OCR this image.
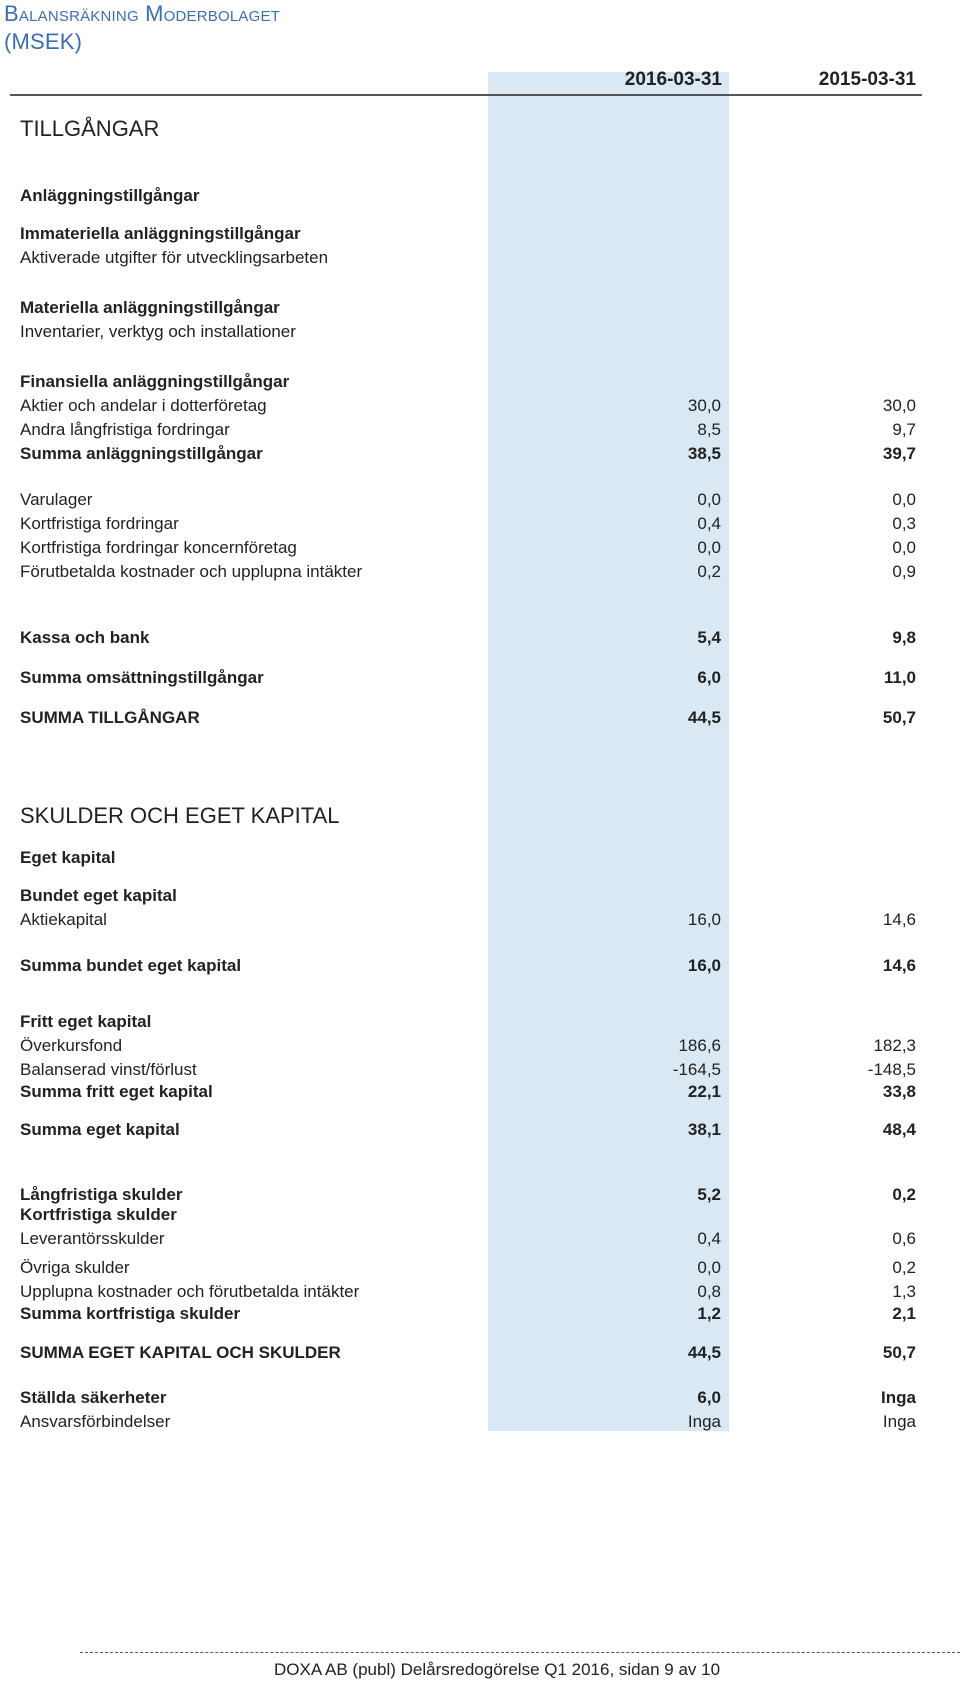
Balansräkning Moderbolaget
(MSEK)
2016-03-31	2015-03-31
TILLGÅNGAR
SKULDER OCH EGET KAPITAL
Anläggningstillgångar
Immateriella anläggningstillgångar
Aktiverade utgifter för utvecklingsarbeten
Materiella anläggningstillgångar
Inventarier, verktyg och installationer
Finansiella anläggningstillgångar
Aktier och andelar i dotterföretag	30,0	30,0
Andra långfristiga fordringar	8,5	9,7
Summa anläggningstillgångar	38,5	39,7
Varulager	0,0	0,0
Kortfristiga fordringar	0,4	0,3
Kortfristiga fordringar koncernföretag	0,0	0,0
Förutbetalda kostnader och upplupna intäkter	0,2	0,9
Kassa och bank	5,4	9,8
Summa omsättningstillgångar	6,0	11,0
SUMMA TILLGÅNGAR	44,5	50,7
Eget kapital
Bundet eget kapital
Aktiekapital	16,0	14,6
Summa bundet eget kapital	16,0	14,6
Fritt eget kapital
Överkursfond	186,6	182,3
Balanserad vinst/förlust	-164,5	-148,5
Summa fritt eget kapital	22,1	33,8
Summa eget kapital	38,1	48,4
Långfristiga skulder	5,2	0,2
Kortfristiga skulder
Leverantörsskulder	0,4	0,6
Övriga skulder	0,0	0,2
Upplupna kostnader och förutbetalda intäkter	0,8	1,3
Summa kortfristiga skulder	1,2	2,1
SUMMA EGET KAPITAL OCH SKULDER	44,5	50,7
Ställda säkerheter	6,0	Inga
Ansvarsförbindelser	Inga	Inga
DOXA AB (publ) Delårsredogörelse Q1 2016, sidan 9 av 10
